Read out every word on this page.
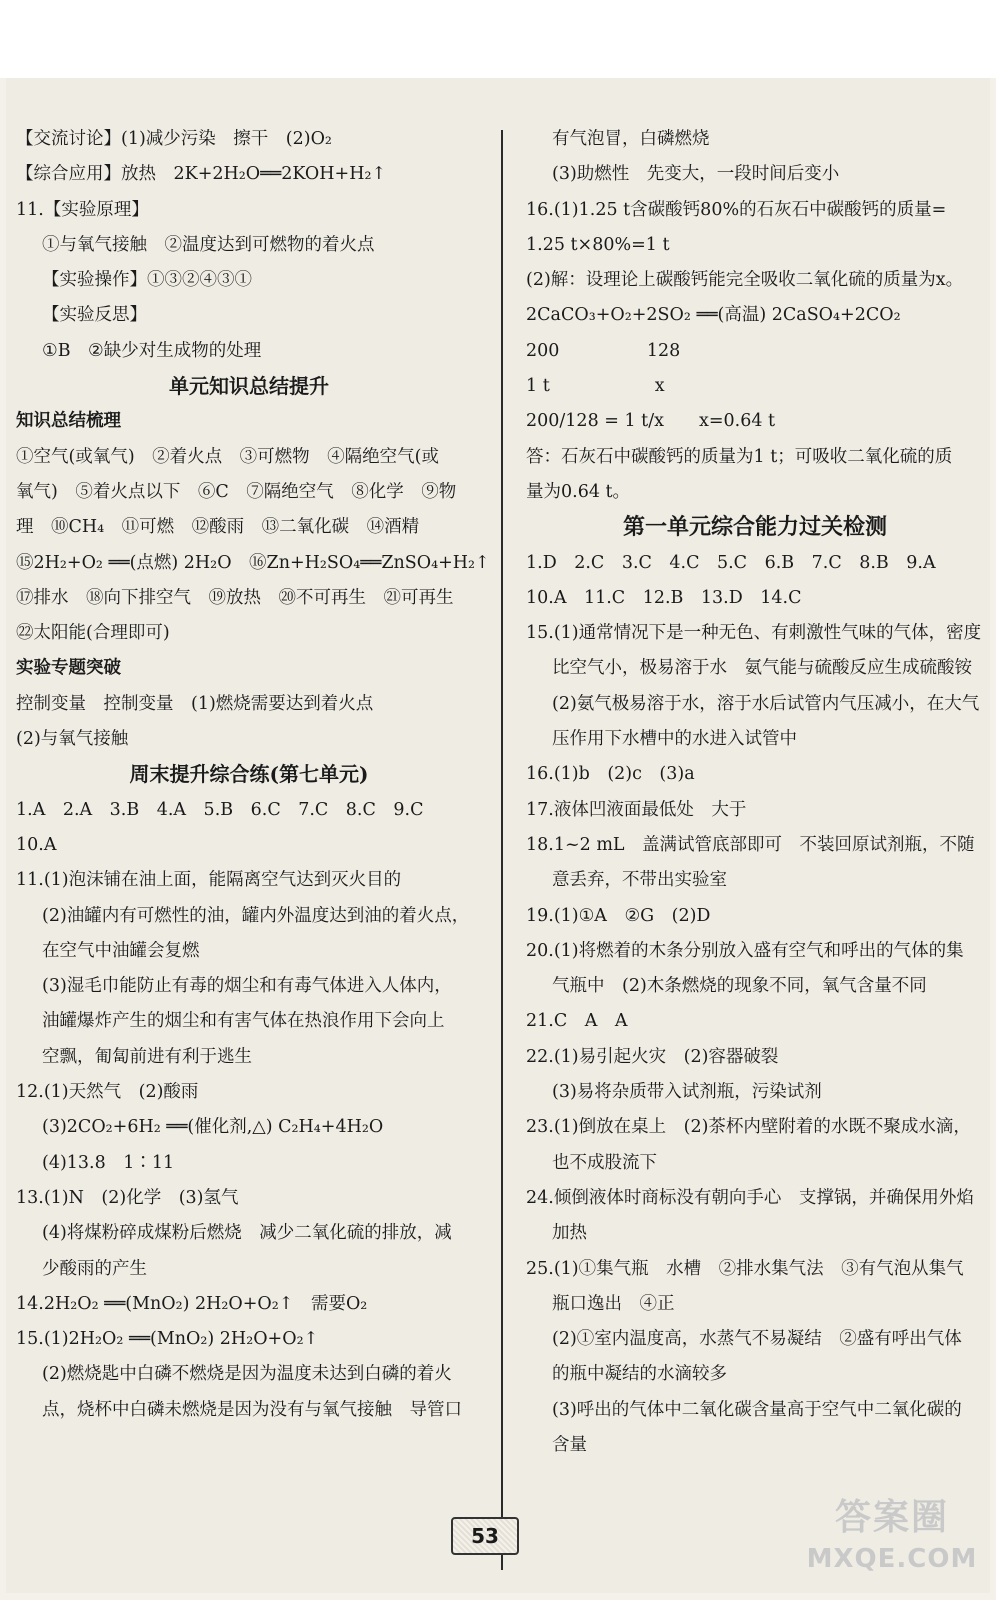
【交流讨论】(1)减少污染　擦干　(2)O₂
【综合应用】放热　2K+2H₂O══2KOH+H₂↑
11.【实验原理】
①与氧气接触　②温度达到可燃物的着火点
【实验操作】①③②④③①
【实验反思】
①B　②缺少对生成物的处理
单元知识总结提升
知识总结梳理
①空气(或氧气)　②着火点　③可燃物　④隔绝空气(或
氧气)　⑤着火点以下　⑥C　⑦隔绝空气　⑧化学　⑨物
理　⑩CH₄　⑪可燃　⑫酸雨　⑬二氧化碳　⑭酒精
⑮2H₂+O₂ ══(点燃) 2H₂O　⑯Zn+H₂SO₄══ZnSO₄+H₂↑
⑰排水　⑱向下排空气　⑲放热　⑳不可再生　㉑可再生
㉒太阳能(合理即可)
实验专题突破
控制变量　控制变量　(1)燃烧需要达到着火点
(2)与氧气接触
周末提升综合练(第七单元)
1.A　2.A　3.B　4.A　5.B　6.C　7.C　8.C　9.C
10.A
11.(1)泡沫铺在油上面，能隔离空气达到灭火目的
(2)油罐内有可燃性的油，罐内外温度达到油的着火点，
在空气中油罐会复燃
(3)湿毛巾能防止有毒的烟尘和有毒气体进入人体内，
油罐爆炸产生的烟尘和有害气体在热浪作用下会向上
空飘，匍匐前进有利于逃生
12.(1)天然气　(2)酸雨
(3)2CO₂+6H₂ ══(催化剂,△) C₂H₄+4H₂O
(4)13.8　1∶11
13.(1)N　(2)化学　(3)氢气
(4)将煤粉碎成煤粉后燃烧　减少二氧化硫的排放，减
少酸雨的产生
14.2H₂O₂ ══(MnO₂) 2H₂O+O₂↑　需要O₂
15.(1)2H₂O₂ ══(MnO₂) 2H₂O+O₂↑
(2)燃烧匙中白磷不燃烧是因为温度未达到白磷的着火
点，烧杯中白磷未燃烧是因为没有与氧气接触　导管口
有气泡冒，白磷燃烧
(3)助燃性　先变大，一段时间后变小
16.(1)1.25 t含碳酸钙80%的石灰石中碳酸钙的质量=
1.25 t×80%=1 t
(2)解：设理论上碳酸钙能完全吸收二氧化硫的质量为x。
2CaCO₃+O₂+2SO₂ ══(高温) 2CaSO₄+2CO₂
200　　　　　128
1 t　　　　　　x
200/128 = 1 t/x　　x=0.64 t
答：石灰石中碳酸钙的质量为1 t；可吸收二氧化硫的质
量为0.64 t。
第一单元综合能力过关检测
1.D　2.C　3.C　4.C　5.C　6.B　7.C　8.B　9.A
10.A　11.C　12.B　13.D　14.C
15.(1)通常情况下是一种无色、有刺激性气味的气体，密度
比空气小，极易溶于水　氨气能与硫酸反应生成硫酸铵
(2)氨气极易溶于水，溶于水后试管内气压减小，在大气
压作用下水槽中的水进入试管中
16.(1)b　(2)c　(3)a
17.液体凹液面最低处　大于
18.1~2 mL　盖满试管底部即可　不装回原试剂瓶，不随
意丢弃，不带出实验室
19.(1)①A　②G　(2)D
20.(1)将燃着的木条分别放入盛有空气和呼出的气体的集
气瓶中　(2)木条燃烧的现象不同，氧气含量不同
21.C　A　A
22.(1)易引起火灾　(2)容器破裂
(3)易将杂质带入试剂瓶，污染试剂
23.(1)倒放在桌上　(2)茶杯内壁附着的水既不聚成水滴，
也不成股流下
24.倾倒液体时商标没有朝向手心　支撑锅，并确保用外焰
加热
25.(1)①集气瓶　水槽　②排水集气法　③有气泡从集气
瓶口逸出　④正
(2)①室内温度高，水蒸气不易凝结　②盛有呼出气体
的瓶中凝结的水滴较多
(3)呼出的气体中二氧化碳含量高于空气中二氧化碳的
含量
53	答案圈
MXQE.COM
